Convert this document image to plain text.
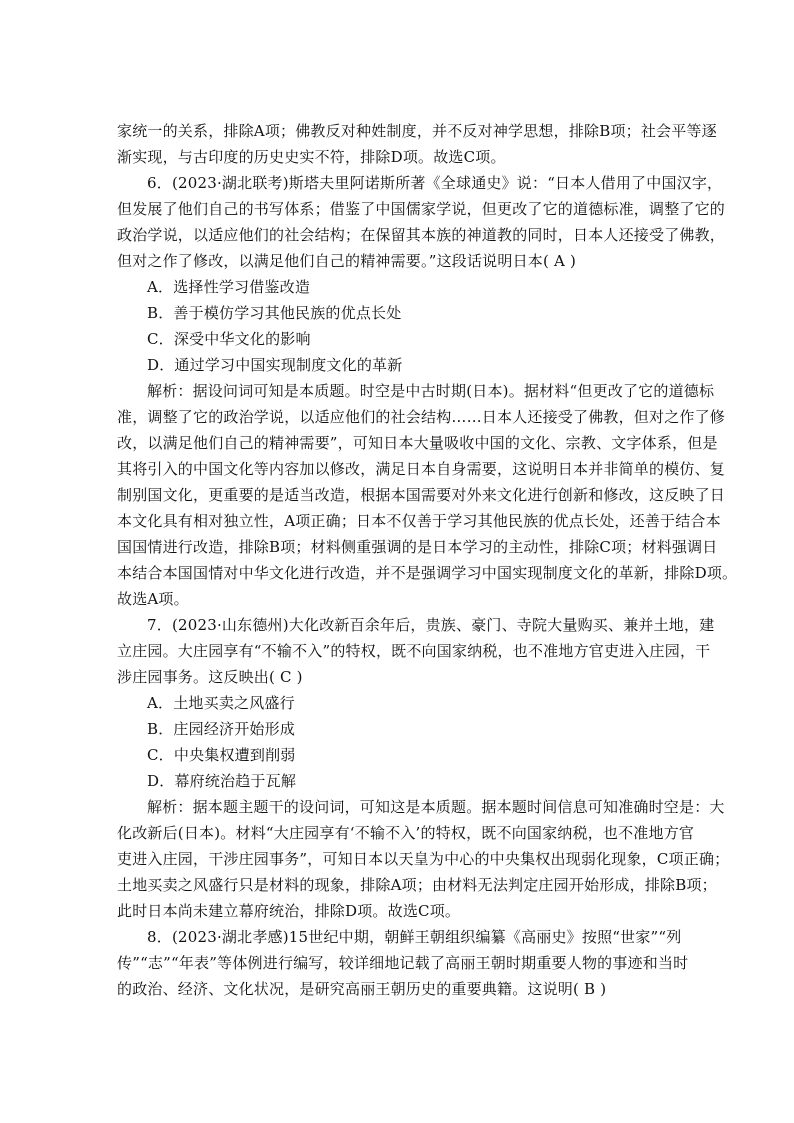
家统一的关系，排除A项；佛教反对种姓制度，并不反对神学思想，排除B项；社会平等逐
渐实现，与古印度的历史史实不符，排除D项。故选C项。
6．(2023·湖北联考)斯塔夫里阿诺斯所著《全球通史》说：“日本人借用了中国汉字，
但发展了他们自己的书写体系；借鉴了中国儒家学说，但更改了它的道德标准，调整了它的
政治学说，以适应他们的社会结构；在保留其本族的神道教的同时，日本人还接受了佛教，
但对之作了修改，以满足他们自己的精神需要。”这段话说明日本( A )
A．选择性学习借鉴改造
B．善于模仿学习其他民族的优点长处
C．深受中华文化的影响
D．通过学习中国实现制度文化的革新
解析：据设问词可知是本质题。时空是中古时期(日本)。据材料“但更改了它的道德标
准，调整了它的政治学说，以适应他们的社会结构……日本人还接受了佛教，但对之作了修
改，以满足他们自己的精神需要”，可知日本大量吸收中国的文化、宗教、文字体系，但是
其将引入的中国文化等内容加以修改，满足日本自身需要，这说明日本并非简单的模仿、复
制别国文化，更重要的是适当改造，根据本国需要对外来文化进行创新和修改，这反映了日
本文化具有相对独立性，A项正确；日本不仅善于学习其他民族的优点长处，还善于结合本
国国情进行改造，排除B项；材料侧重强调的是日本学习的主动性，排除C项；材料强调日
本结合本国国情对中华文化进行改造，并不是强调学习中国实现制度文化的革新，排除D项。
故选A项。
7．(2023·山东德州)大化改新百余年后，贵族、豪门、寺院大量购买、兼并土地，建
立庄园。大庄园享有“不输不入”的特权，既不向国家纳税，也不准地方官吏进入庄园，干
涉庄园事务。这反映出( C )
A．土地买卖之风盛行
B．庄园经济开始形成
C．中央集权遭到削弱
D．幕府统治趋于瓦解
解析：据本题主题干的设问词，可知这是本质题。据本题时间信息可知准确时空是：大
化改新后(日本)。材料“大庄园享有‘不输不入’的特权，既不向国家纳税，也不准地方官
吏进入庄园，干涉庄园事务”，可知日本以天皇为中心的中央集权出现弱化现象，C项正确；
土地买卖之风盛行只是材料的现象，排除A项；由材料无法判定庄园开始形成，排除B项；
此时日本尚未建立幕府统治，排除D项。故选C项。
8．(2023·湖北孝感)15世纪中期，朝鲜王朝组织编纂《高丽史》按照“世家”“列
传”“志”“年表”等体例进行编写，较详细地记载了高丽王朝时期重要人物的事迹和当时
的政治、经济、文化状况，是研究高丽王朝历史的重要典籍。这说明( B )
